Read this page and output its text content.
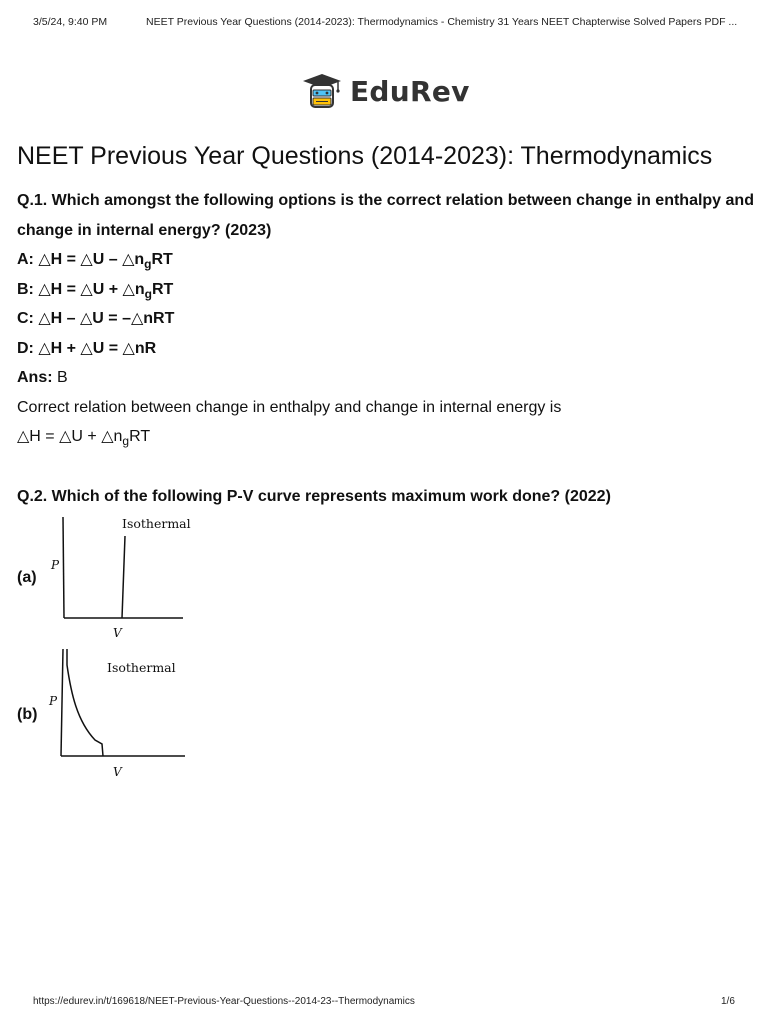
3/5/24, 9:40 PM	NEET Previous Year Questions (2014-2023): Thermodynamics - Chemistry 31 Years NEET Chapterwise Solved Papers PDF ...
EduRev
NEET Previous Year Questions (2014-2023): Thermodynamics
Q.1. Which amongst the following options is the correct relation between change in enthalpy and change in internal energy? (2023)
A: △H = △U – $\triangle n_gRT$
B: △H = △U + $\triangle n_gRT$
C: △H – △U = –△nRT
D: △H + △U = △nR
Ans: B
Correct relation between change in enthalpy and change in internal energy is
△H = △U + $\triangle n_gRT$
Q.2. Which of the following P-V curve represents maximum work done? (2022)
(a)
Isothermal
P
V
(b)
Isothermal
P
V
https://edurev.in/t/169618/NEET-Previous-Year-Questions--2014-23--Thermodynamics	1/6
